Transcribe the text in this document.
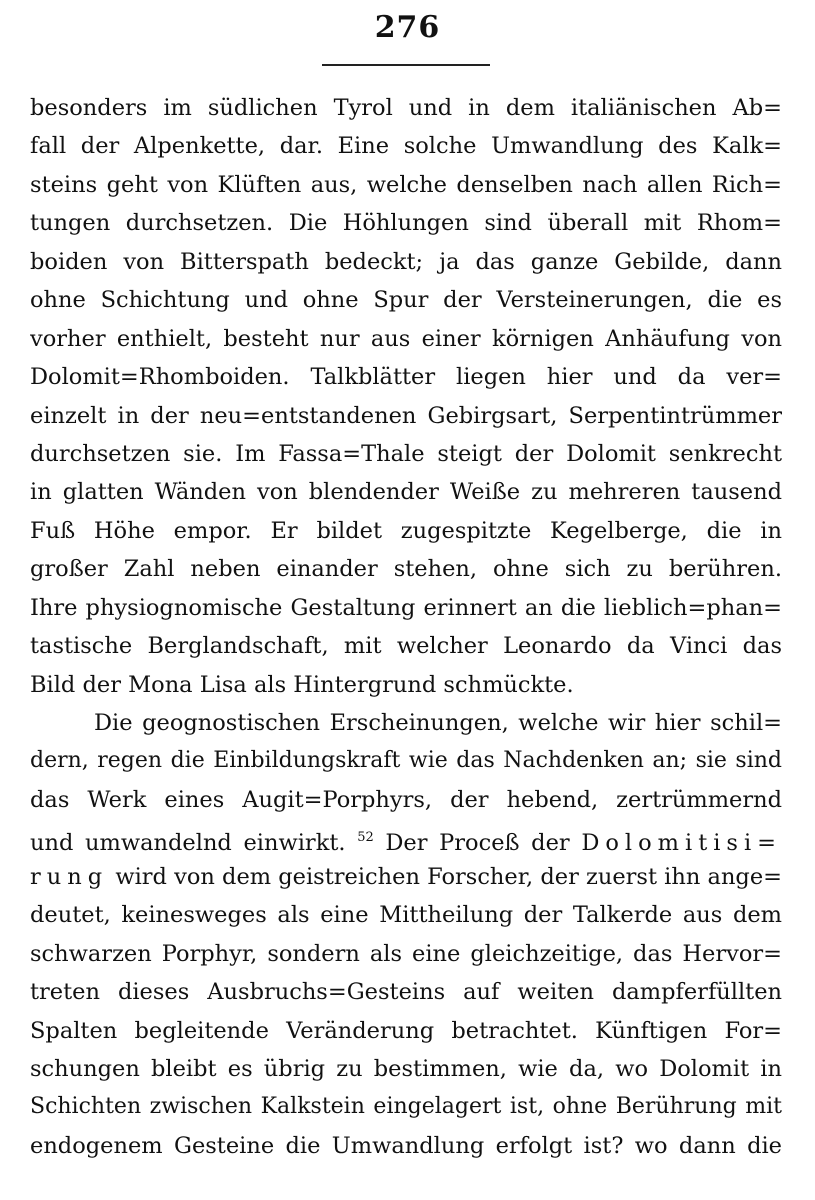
276
besonders im südlichen Tyrol und in dem italiänischen Ab=
fall der Alpenkette, dar. Eine solche Umwandlung des Kalk=
steins geht von Klüften aus, welche denselben nach allen Rich=
tungen durchsetzen. Die Höhlungen sind überall mit Rhom=
boiden von Bitterspath bedeckt; ja das ganze Gebilde, dann
ohne Schichtung und ohne Spur der Versteinerungen, die es
vorher enthielt, besteht nur aus einer körnigen Anhäufung von
Dolomit=Rhomboiden. Talkblätter liegen hier und da ver=
einzelt in der neu=entstandenen Gebirgsart, Serpentintrümmer
durchsetzen sie. Im Fassa=Thale steigt der Dolomit senkrecht
in glatten Wänden von blendender Weiße zu mehreren tausend
Fuß Höhe empor. Er bildet zugespitzte Kegelberge, die in
großer Zahl neben einander stehen, ohne sich zu berühren.
Ihre physiognomische Gestaltung erinnert an die lieblich=phan=
tastische Berglandschaft, mit welcher Leonardo da Vinci das
Bild der Mona Lisa als Hintergrund schmückte.
Die geognostischen Erscheinungen, welche wir hier schil=
dern, regen die Einbildungskraft wie das Nachdenken an; sie sind
das Werk eines Augit=Porphyrs, der hebend, zertrümmernd
und umwandelnd einwirkt. $^{52}$ Der Proceß der Dolomitisi=
rung wird von dem geistreichen Forscher, der zuerst ihn ange=
deutet, keinesweges als eine Mittheilung der Talkerde aus dem
schwarzen Porphyr, sondern als eine gleichzeitige, das Hervor=
treten dieses Ausbruchs=Gesteins auf weiten dampferfüllten
Spalten begleitende Veränderung betrachtet. Künftigen For=
schungen bleibt es übrig zu bestimmen, wie da, wo Dolomit in
Schichten zwischen Kalkstein eingelagert ist, ohne Berührung mit
endogenem Gesteine die Umwandlung erfolgt ist? wo dann die
